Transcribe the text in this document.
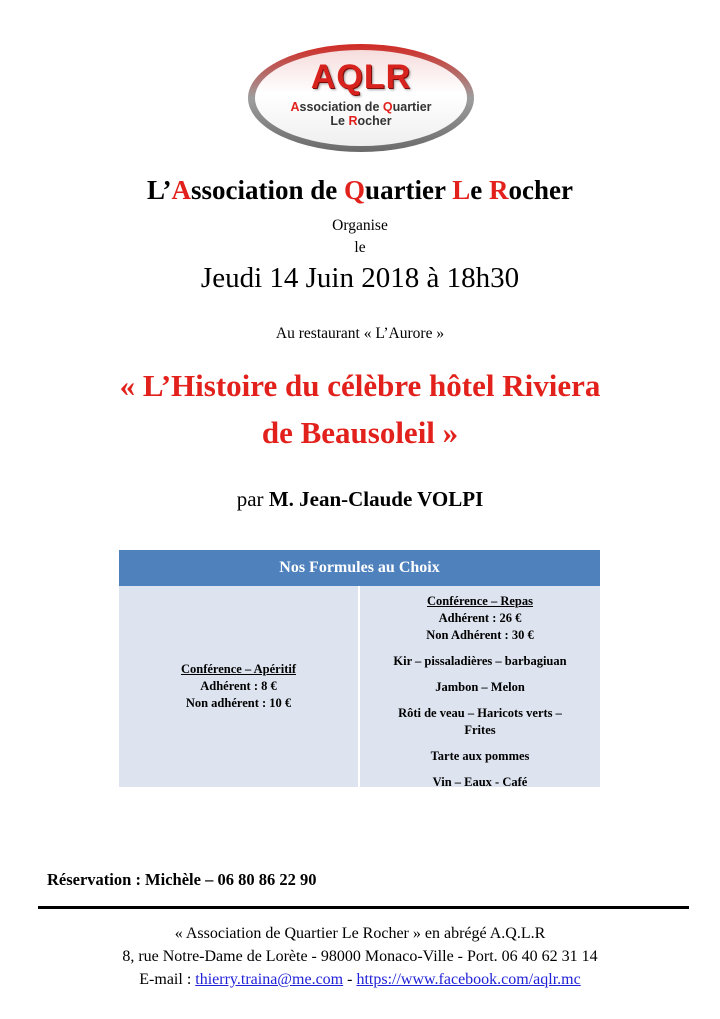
AQLR
Association de Quartier
Le Rocher
L’Association de Quartier Le Rocher
Organise
le
Jeudi 14 Juin 2018 à 18h30
Au restaurant « L’Aurore »
« L’Histoire du célèbre hôtel Riviera
de Beausoleil »
par M. Jean-Claude VOLPI
Nos Formules au Choix
Conférence – Apéritif
Adhérent : 8 €
Non adhérent : 10 €
Conférence – Repas
Adhérent : 26 €
Non Adhérent : 30 €
Kir – pissaladières – barbagiuan
Jambon – Melon
Rôti de veau – Haricots verts –
Frites
Tarte aux pommes
Vin – Eaux - Café
Réservation : Michèle – 06 80 86 22 90
« Association de Quartier Le Rocher » en abrégé A.Q.L.R
8, rue Notre-Dame de Lorète - 98000 Monaco-Ville - Port. 06 40 62 31 14
E-mail : thierry.traina@me.com - https://www.facebook.com/aqlr.mc
